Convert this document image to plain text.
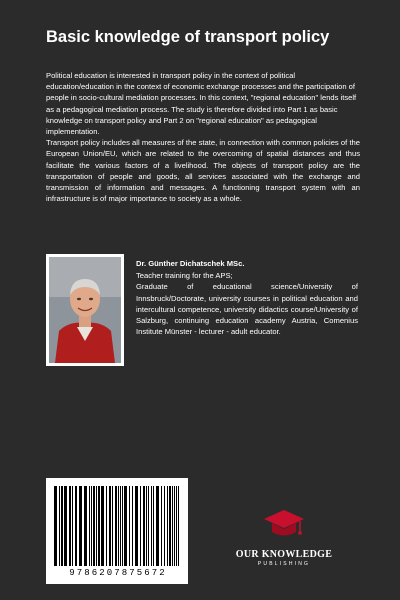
Basic knowledge of transport policy

Political education is interested in transport policy in the context of political education/education in the context of economic exchange processes and the participation of people in socio-cultural mediation processes. In this context, "regional education" lends itself as a pedagogical mediation process. The study is therefore divided into Part 1 as basic knowledge on transport policy and Part 2 on "regional education" as pedagogical implementation.

Transport policy includes all measures of the state, in connection with common policies of the European Union/EU, which are related to the overcoming of spatial distances and thus facilitate the various factors of a livelihood. The objects of transport policy are the transportation of people and goods, all services associated with the exchange and transmission of information and messages. A functioning transport system with an infrastructure is of major importance to society as a whole.

Dr. Günther Dichatschek MSc.

Teacher training for the APS;

Graduate of educational science/University of Innsbruck/Doctorate, university courses in political education and intercultural competence, university didactics course/University of Salzburg, continuing education academy Austria, Comenius Institute Münster - lecturer - adult educator.

9786207875672
OUR KNOWLEDGE
PUBLISHING
